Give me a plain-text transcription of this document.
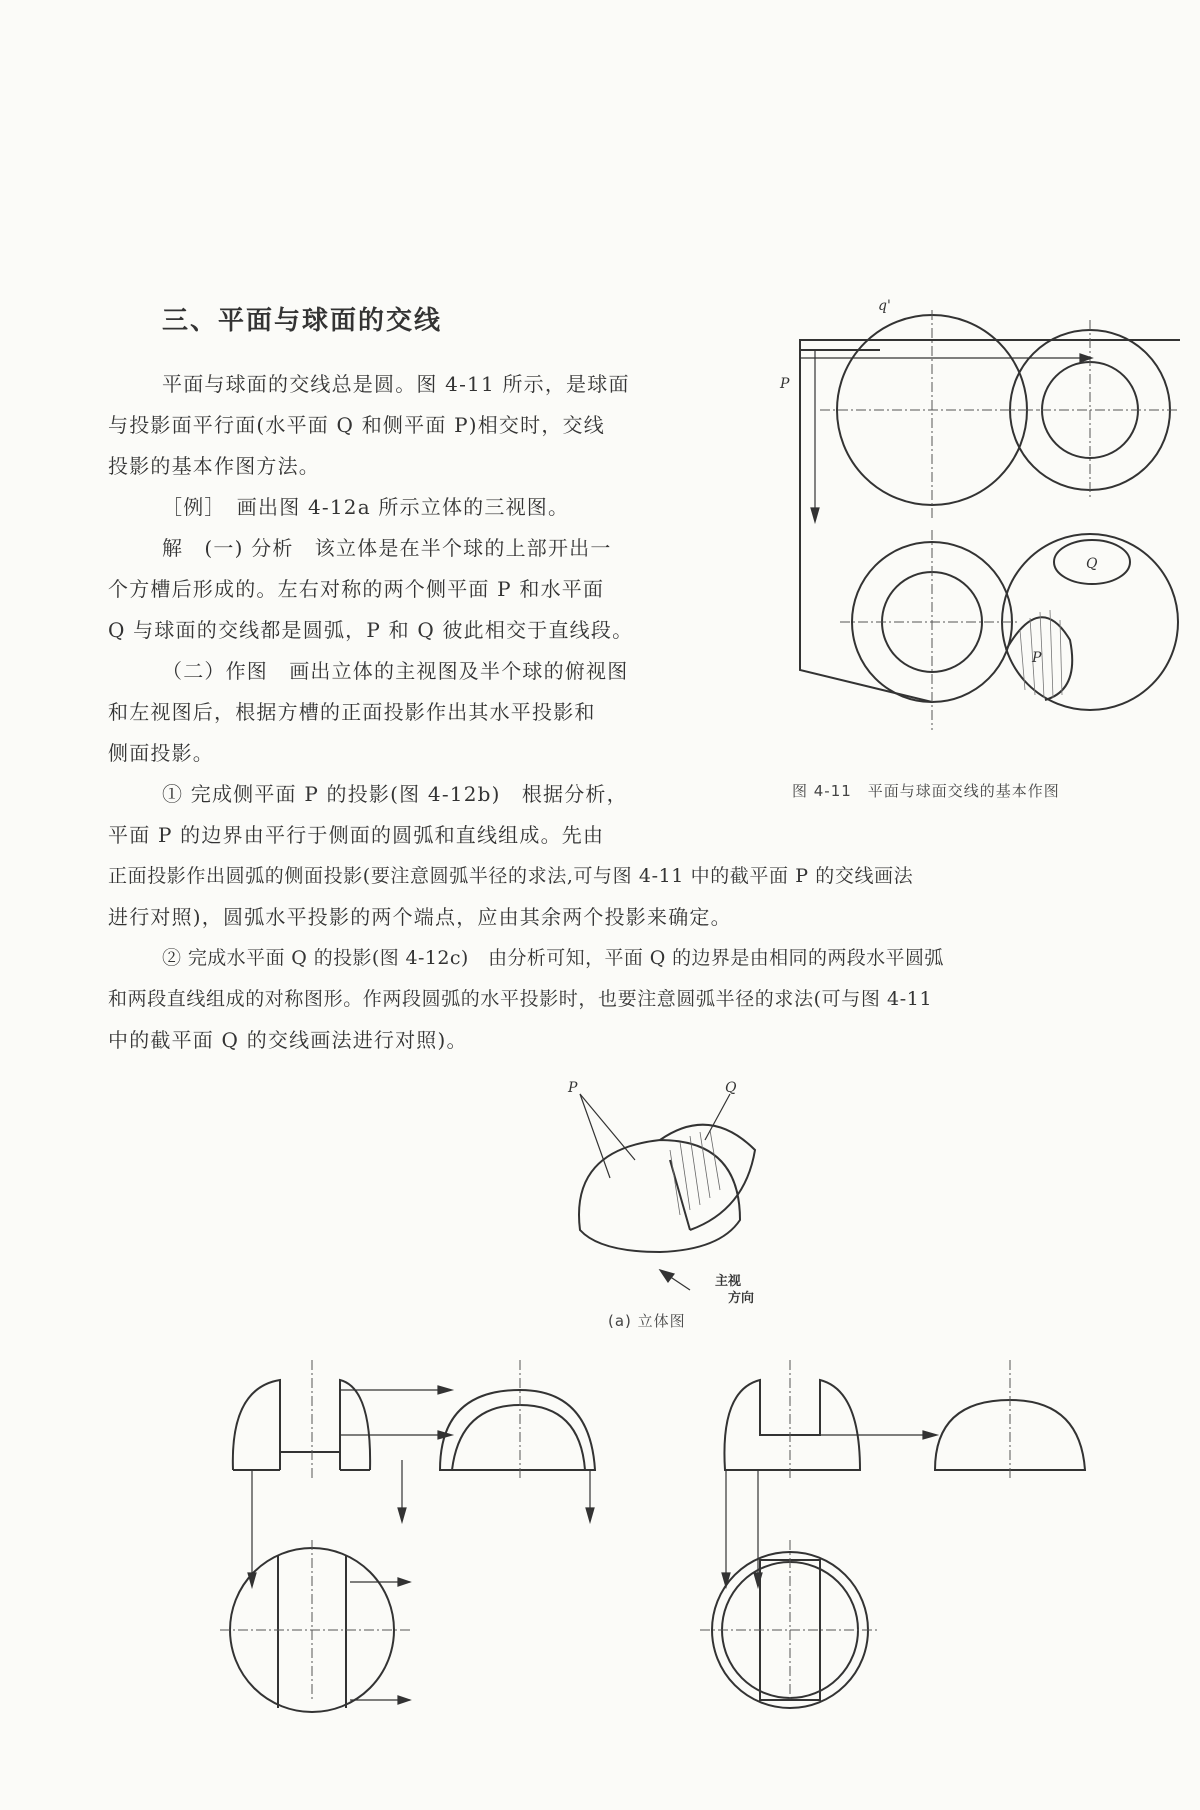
三、平面与球面的交线
平面与球面的交线总是圆。图 4-11 所示，是球面
与投影面平行面(水平面 Q 和侧平面 P)相交时，交线
投影的基本作图方法。
［例］　画出图 4-12a 所示立体的三视图。
解　(一) 分析　该立体是在半个球的上部开出一
个方槽后形成的。左右对称的两个侧平面 P 和水平面
Q 与球面的交线都是圆弧，P 和 Q 彼此相交于直线段。
（二）作图　画出立体的主视图及半个球的俯视图
和左视图后，根据方槽的正面投影作出其水平投影和
侧面投影。
① 完成侧平面 P 的投影(图 4-12b)　根据分析，
平面 P 的边界由平行于侧面的圆弧和直线组成。先由
正面投影作出圆弧的侧面投影(要注意圆弧半径的求法,可与图 4-11 中的截平面 P 的交线画法
进行对照)，圆弧水平投影的两个端点，应由其余两个投影来确定。
② 完成水平面 Q 的投影(图 4-12c)　由分析可知，平面 Q 的边界是由相同的两段水平圆弧
和两段直线组成的对称图形。作两段圆弧的水平投影时，也要注意圆弧半径的求法(可与图 4-11
中的截平面 Q 的交线画法进行对照)。
q'
P
Q
P
图 4-11　平面与球面交线的基本作图
P	Q
主视
方向
(a) 立体图
